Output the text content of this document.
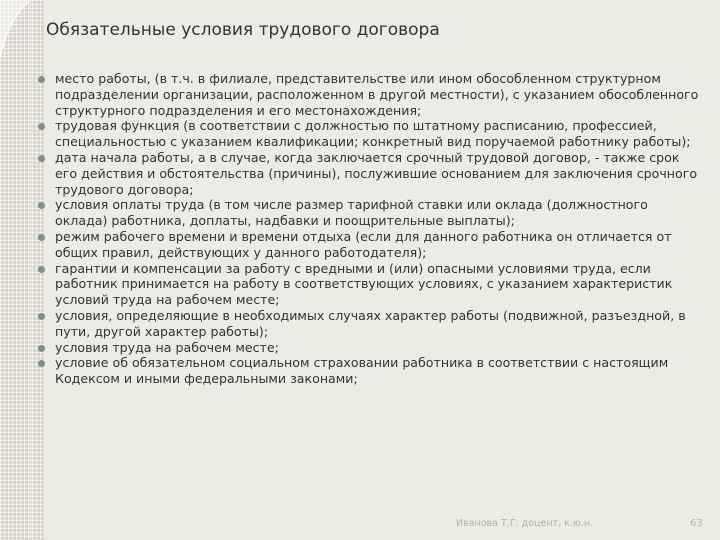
Обязательные условия трудового договора
место работы, (в т.ч. в филиале, представительстве или ином обособленном структурном подразделении организации, расположенном в другой местности), с указанием обособленного структурного подразделения и его местонахождения;
трудовая функция (в соответствии с должностью по штатному расписанию, профессией, специальностью с указанием квалификации; конкретный вид поручаемой работнику работы);
дата начала работы, а в случае, когда заключается срочный трудовой договор, - также срок его действия и обстоятельства (причины), послужившие основанием для заключения срочного трудового договора;
условия оплаты труда (в том числе размер тарифной ставки или оклада (должностного оклада) работника, доплаты, надбавки и поощрительные выплаты);
режим рабочего времени и времени отдыха (если для данного работника он отличается от общих правил, действующих у данного работодателя);
гарантии и компенсации за работу с вредными и (или) опасными условиями труда, если работник принимается на работу в соответствующих условиях, с указанием характеристик условий труда на рабочем месте;
условия, определяющие в необходимых случаях характер работы (подвижной, разъездной, в пути, другой характер работы);
условия труда на рабочем месте;
условие об обязательном социальном страховании работника в соответствии с настоящим Кодексом и иными федеральными законами;
Иванова Т.Г. доцент, к.ю.н.	63
